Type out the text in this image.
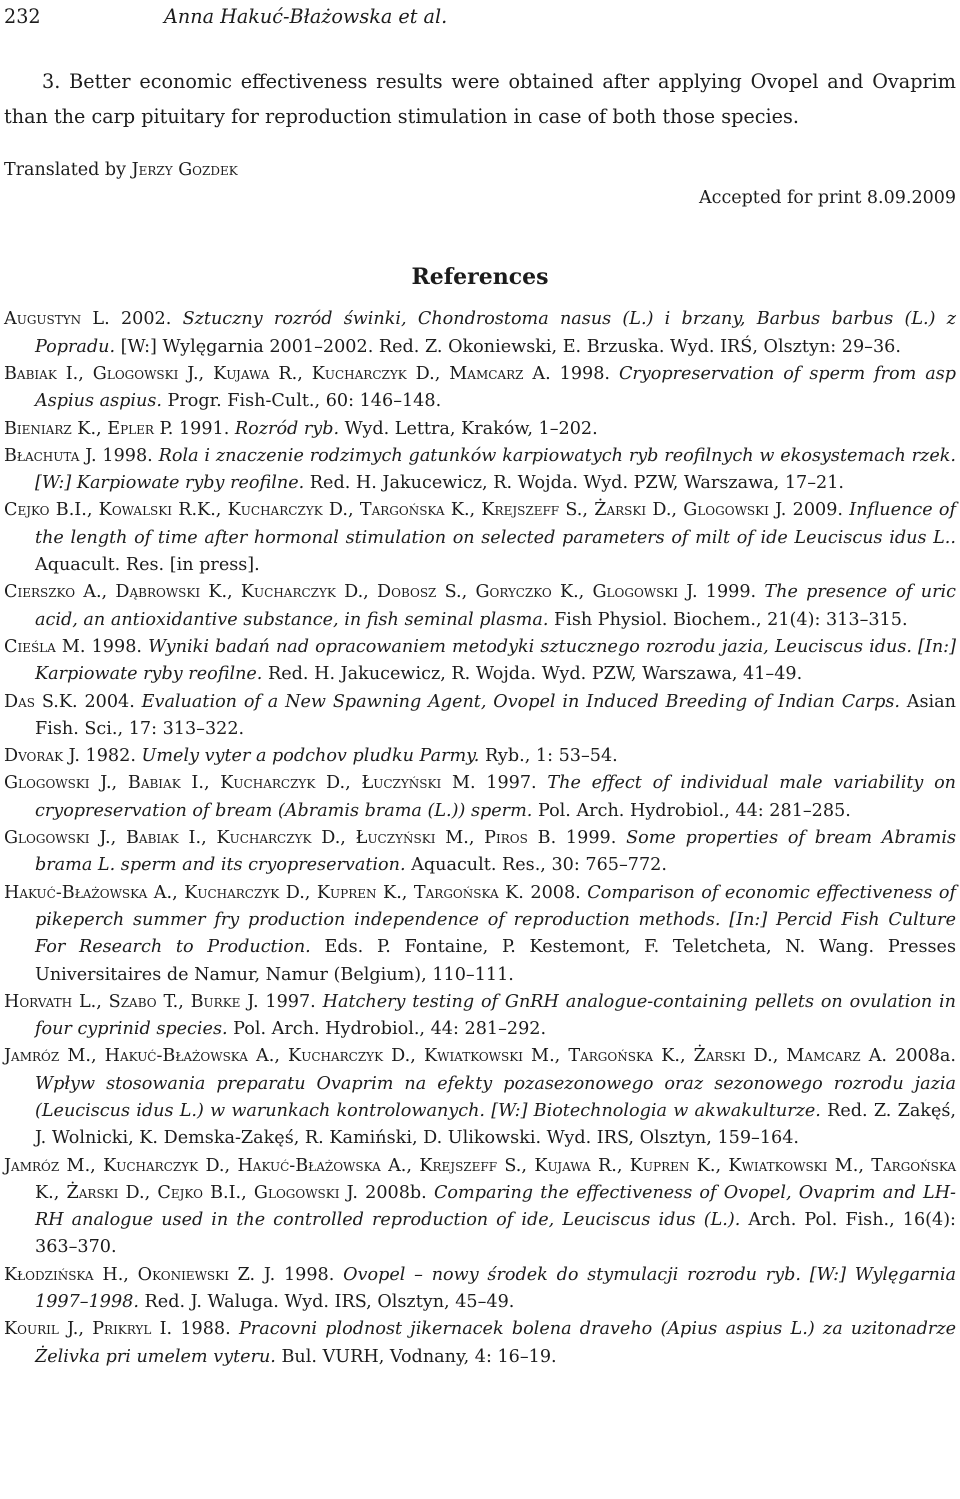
232	Anna Hakuć-Błażowska et al.
3. Better economic effectiveness results were obtained after applying Ovopel and Ovaprim than the carp pituitary for reproduction stimulation in case of both those species.
Translated by Jerzy Gozdek
Accepted for print 8.09.2009
References
Augustyn L. 2002. Sztuczny rozród świnki, Chondrostoma nasus (L.) i brzany, Barbus barbus (L.) z Popradu. [W:] Wylęgarnia 2001–2002. Red. Z. Okoniewski, E. Brzuska. Wyd. IRŚ, Olsztyn: 29–36.
Babiak I., Glogowski J., Kujawa R., Kucharczyk D., Mamcarz A. 1998. Cryopreservation of sperm from asp Aspius aspius. Progr. Fish-Cult., 60: 146–148.
Bieniarz K., Epler P. 1991. Rozród ryb. Wyd. Lettra, Kraków, 1–202.
Błachuta J. 1998. Rola i znaczenie rodzimych gatunków karpiowatych ryb reofilnych w ekosystemach rzek. [W:] Karpiowate ryby reofilne. Red. H. Jakucewicz, R. Wojda. Wyd. PZW, Warszawa, 17–21.
Cejko B.I., Kowalski R.K., Kucharczyk D., Targońska K., Krejszeff S., Żarski D., Glogowski J. 2009. Influence of the length of time after hormonal stimulation on selected parameters of milt of ide Leuciscus idus L.. Aquacult. Res. [in press].
Cierszko A., Dąbrowski K., Kucharczyk D., Dobosz S., Goryczko K., Glogowski J. 1999. The presence of uric acid, an antioxidantive substance, in fish seminal plasma. Fish Physiol. Biochem., 21(4): 313–315.
Cieśla M. 1998. Wyniki badań nad opracowaniem metodyki sztucznego rozrodu jazia, Leuciscus idus. [In:] Karpiowate ryby reofilne. Red. H. Jakucewicz, R. Wojda. Wyd. PZW, Warszawa, 41–49.
Das S.K. 2004. Evaluation of a New Spawning Agent, Ovopel in Induced Breeding of Indian Carps. Asian Fish. Sci., 17: 313–322.
Dvorak J. 1982. Umely vyter a podchov pludku Parmy. Ryb., 1: 53–54.
Glogowski J., Babiak I., Kucharczyk D., Łuczyński M. 1997. The effect of individual male variability on cryopreservation of bream (Abramis brama (L.)) sperm. Pol. Arch. Hydrobiol., 44: 281–285.
Glogowski J., Babiak I., Kucharczyk D., Łuczyński M., Piros B. 1999. Some properties of bream Abramis brama L. sperm and its cryopreservation. Aquacult. Res., 30: 765–772.
Hakuć-Błażowska A., Kucharczyk D., Kupren K., Targońska K. 2008. Comparison of economic effectiveness of pikeperch summer fry production independence of reproduction methods. [In:] Percid Fish Culture For Research to Production. Eds. P. Fontaine, P. Kestemont, F. Teletcheta, N. Wang. Presses Universitaires de Namur, Namur (Belgium), 110–111.
Horvath L., Szabo T., Burke J. 1997. Hatchery testing of GnRH analogue-containing pellets on ovulation in four cyprinid species. Pol. Arch. Hydrobiol., 44: 281–292.
Jamróz M., Hakuć-Błażowska A., Kucharczyk D., Kwiatkowski M., Targońska K., Żarski D., Mamcarz A. 2008a. Wpływ stosowania preparatu Ovaprim na efekty pozasezonowego oraz sezonowego rozrodu jazia (Leuciscus idus L.) w warunkach kontrolowanych. [W:] Biotechnologia w akwakulturze. Red. Z. Zakęś, J. Wolnicki, K. Demska-Zakęś, R. Kamiński, D. Ulikowski. Wyd. IRS, Olsztyn, 159–164.
Jamróz M., Kucharczyk D., Hakuć-Błażowska A., Krejszeff S., Kujawa R., Kupren K., Kwiatkowski M., Targońska K., Żarski D., Cejko B.I., Glogowski J. 2008b. Comparing the effectiveness of Ovopel, Ovaprim and LH-RH analogue used in the controlled reproduction of ide, Leuciscus idus (L.). Arch. Pol. Fish., 16(4): 363–370.
Kłodzińska H., Okoniewski Z. J. 1998. Ovopel – nowy środek do stymulacji rozrodu ryb. [W:] Wylęgarnia 1997–1998. Red. J. Waluga. Wyd. IRS, Olsztyn, 45–49.
Kouril J., Prikryl I. 1988. Pracovni plodnost jikernacek bolena draveho (Apius aspius L.) za uzitonadrze Żelivka pri umelem vyteru. Bul. VURH, Vodnany, 4: 16–19.
